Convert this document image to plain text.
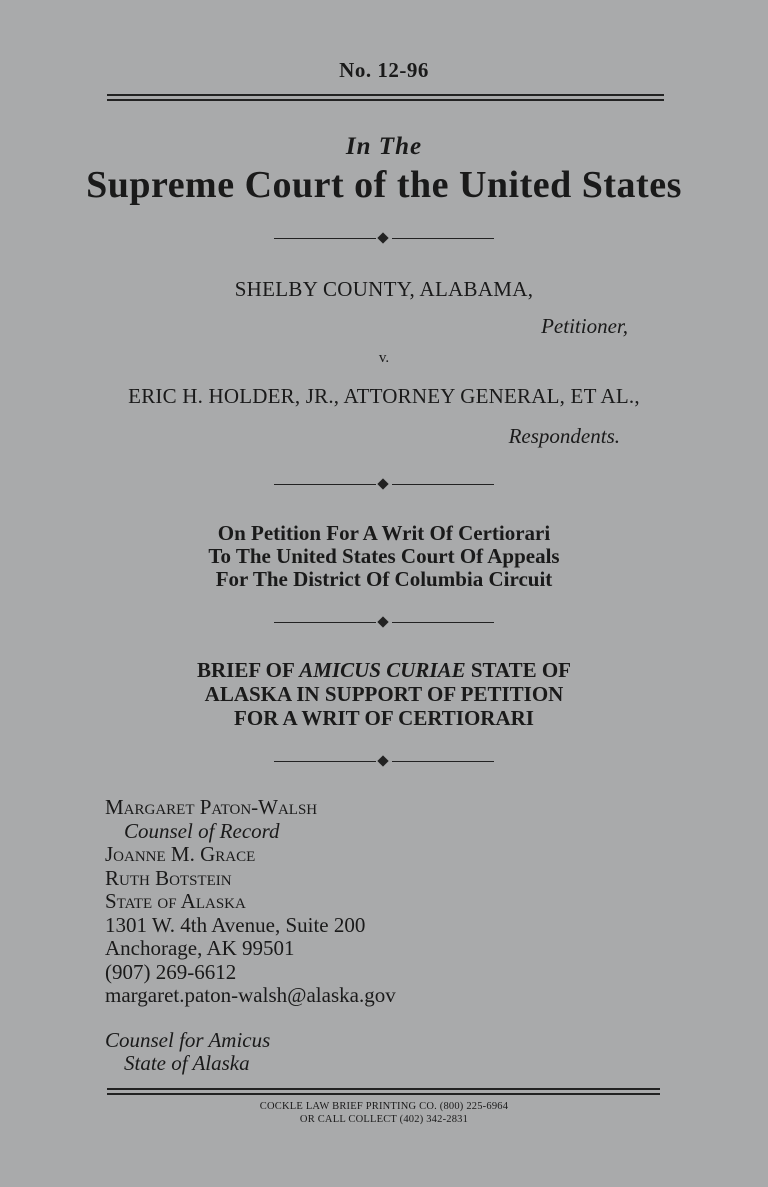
No. 12-96
In The
Supreme Court of the United States
SHELBY COUNTY, ALABAMA,
Petitioner,
v.
ERIC H. HOLDER, JR., ATTORNEY GENERAL, ET AL.,
Respondents.
On Petition For A Writ Of Certiorari
To The United States Court Of Appeals
For The District Of Columbia Circuit
BRIEF OF AMICUS CURIAE STATE OF
ALASKA IN SUPPORT OF PETITION
FOR A WRIT OF CERTIORARI
Margaret Paton-Walsh
Counsel of Record
Joanne M. Grace
Ruth Botstein
State of Alaska
1301 W. 4th Avenue, Suite 200
Anchorage, AK 99501
(907) 269-6612
margaret.paton-walsh@alaska.gov
Counsel for Amicus
State of Alaska
COCKLE LAW BRIEF PRINTING CO. (800) 225-6964
OR CALL COLLECT (402) 342-2831
